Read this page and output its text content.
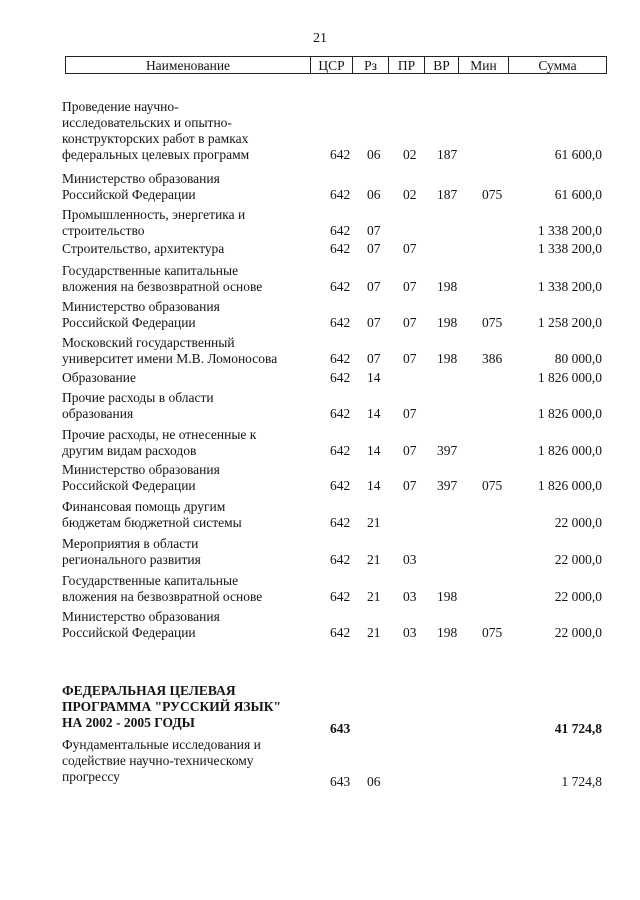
21
Наименование	ЦСР	Рз	ПР	ВР	Мин	Сумма
Проведение научно-
исследовательских и опытно-
конструкторских работ в рамках
федеральных целевых программ	642 06 02 187	61 600,0
Министерство образования
Российской Федерации	642 06 02 187 075	61 600,0
Промышленность, энергетика и
строительство	642 07	1 338 200,0
Строительство, архитектура	642 07 07	1 338 200,0
Государственные капитальные
вложения на безвозвратной основе	642 07 07 198	1 338 200,0
Министерство образования
Российской Федерации	642 07 07 198 075	1 258 200,0
Московский государственный
университет имени М.В. Ломоносова	642 07 07 198 386	80 000,0
Образование	642 14	1 826 000,0
Прочие расходы в области
образования	642 14 07	1 826 000,0
Прочие расходы, не отнесенные к
другим видам расходов	642 14 07 397	1 826 000,0
Министерство образования
Российской Федерации	642 14 07 397 075	1 826 000,0
Финансовая помощь другим
бюджетам бюджетной системы	642 21	22 000,0
Мероприятия в области
регионального развития	642 21 03	22 000,0
Государственные капитальные
вложения на безвозвратной основе	642 21 03 198	22 000,0
Министерство образования
Российской Федерации	642 21 03 198 075	22 000,0
ФЕДЕРАЛЬНАЯ ЦЕЛЕВАЯ
ПРОГРАММА "РУССКИЙ ЯЗЫК"
НА 2002 - 2005 ГОДЫ	643	41 724,8
Фундаментальные исследования и
содействие научно-техническому
прогрессу	643 06	1 724,8
